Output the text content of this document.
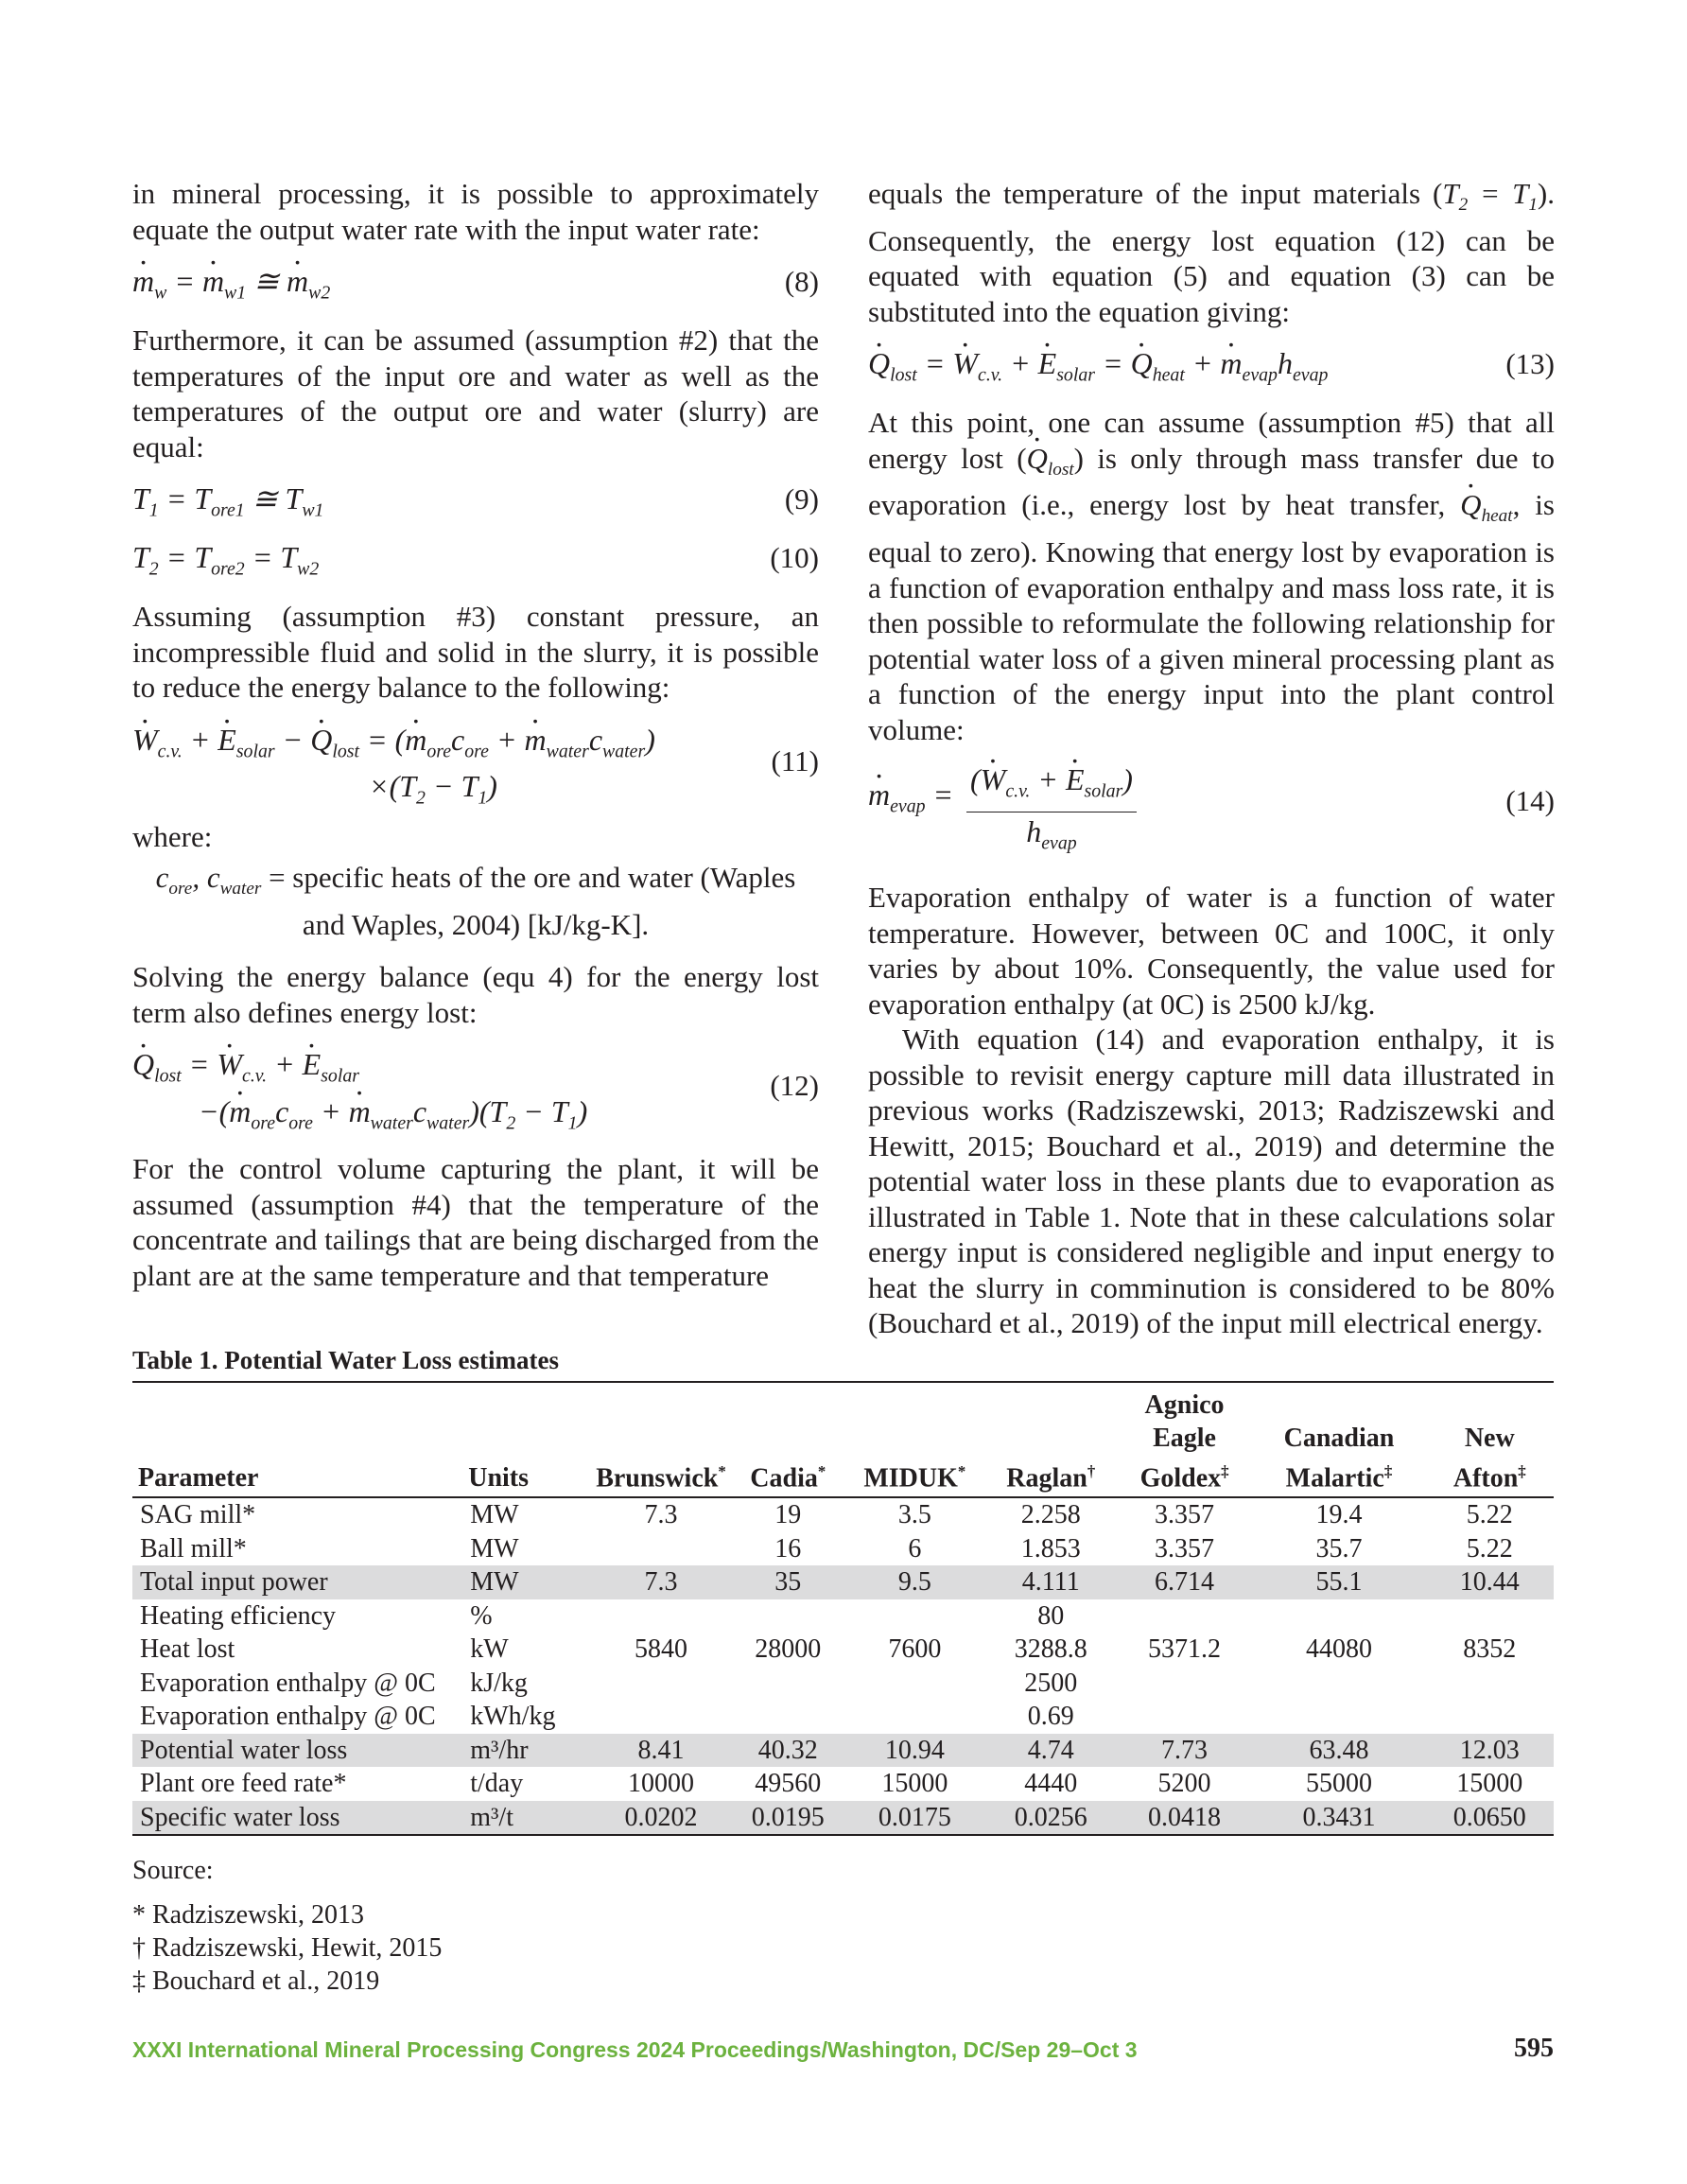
in mineral processing, it is possible to approximately equate the output water rate with the input water rate:

· $m_w$ = · $m_{w1}$ ≅ · $m_{w2}$	(8)

Furthermore, it can be assumed (assumption #2) that the temperatures of the input ore and water as well as the temperatures of the output ore and water (slurry) are equal:

$T_1 = T_{ore1}$ ≅ $T_{w1}$	(9)
$T_2 = T_{ore2} = T_{w2}$	(10)

Assuming (assumption #3) constant pressure, an incompressible fluid and solid in the slurry, it is possible to reduce the energy balance to the following:

· $W_{c.v.}$ + · $E_{solar}$ − · $Q_{lost}$ = (· $m_{ore}c_{ore}$ + · $m_{water}c_{water}$)
$\times(T_2 - T_1)$
(11)

where:

$c_{ore}$, $c_{water}$ = specific heats of the ore and water (Waples
and Waples, 2004) [kJ/kg-K].

Solving the energy balance (equ 4) for the energy lost term also defines energy lost:

· $Q_{lost}$ = · $W_{c.v.}$ + · $E_{solar}$
−(· $m_{ore}c_{ore}$ + · $m_{water}c_{water})(T_2 - T_1)$
(12)

For the control volume capturing the plant, it will be assumed (assumption #4) that the temperature of the concentrate and tailings that are being discharged from the plant are at the same temperature and that temperature

equals the temperature of the input materials $(T_2 = T_1)$. Consequently, the energy lost equation (12) can be equated with equation (5) and equation (3) can be substituted into the equation giving:

· $Q_{lost}$ = · $W_{c.v.}$ + · $E_{solar}$ = · $Q_{heat}$ + · $m_{evap}h_{evap}$	(13)

At this point, one can assume (assumption #5) that all energy lost (· $Q_{lost}$) is only through mass transfer due to evaporation (i.e., energy lost by heat transfer, · $Q_{heat}$, is equal to zero). Knowing that energy lost by evaporation is a function of evaporation enthalpy and mass loss rate, it is then possible to reformulate the following relationship for potential water loss of a given mineral processing plant as a function of the energy input into the plant control volume:

· $m_{evap}$ = (· $W_{c.v.}$ + · $E_{solar}$)
$h_{evap}$
(14)

Evaporation enthalpy of water is a function of water temperature. However, between 0C and 100C, it only varies by about 10%. Consequently, the value used for evaporation enthalpy (at 0C) is 2500 kJ/kg.

With equation (14) and evaporation enthalpy, it is possible to revisit energy capture mill data illustrated in previous works (Radziszewski, 2013; Radziszewski and Hewitt, 2015; Bouchard et al., 2019) and determine the potential water loss in these plants due to evaporation as illustrated in Table 1. Note that in these calculations solar energy input is considered negligible and input energy to heat the slurry in comminution is considered to be 80% (Bouchard et al., 2019) of the input mill electrical energy.

Table 1. Potential Water Loss estimates
Parameter	Units	Brunswick*	Cadia*	MIDUK*	Raglan†	Agnico
Eagle
Goldex‡	Canadian
Malartic‡	New
Afton‡
SAG mill*	MW	7.3	19	3.5	2.258	3.357	19.4	5.22
Ball mill*	MW		16	6	1.853	3.357	35.7	5.22
Total input power	MW	7.3	35	9.5	4.111	6.714	55.1	10.44
Heating efficiency	%				80			
Heat lost	kW	5840	28000	7600	3288.8	5371.2	44080	8352
Evaporation enthalpy @ 0C	kJ/kg				2500			
Evaporation enthalpy @ 0C	kWh/kg				0.69			
Potential water loss	m³/hr	8.41	40.32	10.94	4.74	7.73	63.48	12.03
Plant ore feed rate*	t/day	10000	49560	15000	4440	5200	55000	15000
Specific water loss	m³/t	0.0202	0.0195	0.0175	0.0256	0.0418	0.3431	0.0650
Source:
* Radziszewski, 2013
† Radziszewski, Hewit, 2015
‡ Bouchard et al., 2019
XXXI International Mineral Processing Congress 2024 Proceedings/Washington, DC/Sep 29–Oct 3	595
